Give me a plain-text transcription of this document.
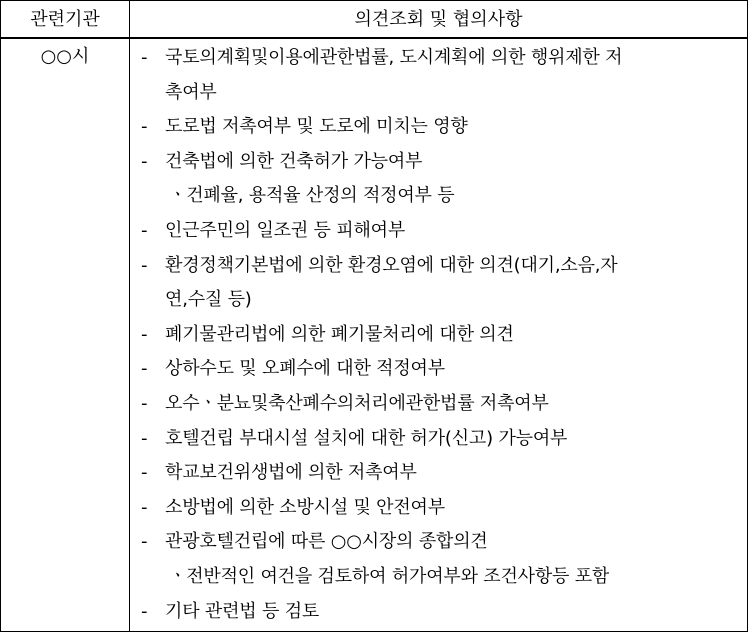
관련기관	의견조회 및 협의사항
○○시	- 국토의계획및이용에관한법률, 도시계획에 의한 행위제한 저
촉여부
- 도로법 저촉여부 및 도로에 미치는 영향
- 건축법에 의한 건축허가 가능여부
ㆍ건폐율, 용적율 산정의 적정여부 등
- 인근주민의 일조권 등 피해여부
- 환경정책기본법에 의한 환경오염에 대한 의견(대기,소음,자
연,수질 등)
- 폐기물관리법에 의한 폐기물처리에 대한 의견
- 상하수도 및 오폐수에 대한 적정여부
- 오수ㆍ분뇨및축산폐수의처리에관한법률 저촉여부
- 호텔건립 부대시설 설치에 대한 허가(신고) 가능여부
- 학교보건위생법에 의한 저촉여부
- 소방법에 의한 소방시설 및 안전여부
- 관광호텔건립에 따른 ○○시장의 종합의견
ㆍ전반적인 여건을 검토하여 허가여부와 조건사항등 포함
- 기타 관련법 등 검토
